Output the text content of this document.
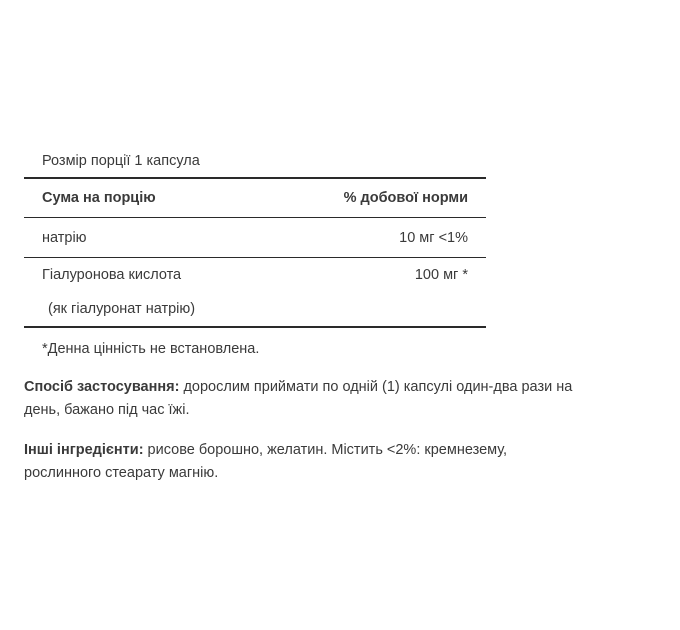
Розмір порції 1 капсула
Сума на порцію	% добової норми
натрію	10 мг <1%
Гіалуронова кислота	100 мг *
(як гіалуронат натрію)
*Денна цінність не встановлена.
Спосіб застосування: дорослим приймати по одній (1) капсулі один-два рази на день, бажано під час їжі.
Інші інгредієнти: рисове борошно, желатин. Містить <2%: кремнезему, рослинного стеарату магнію.
